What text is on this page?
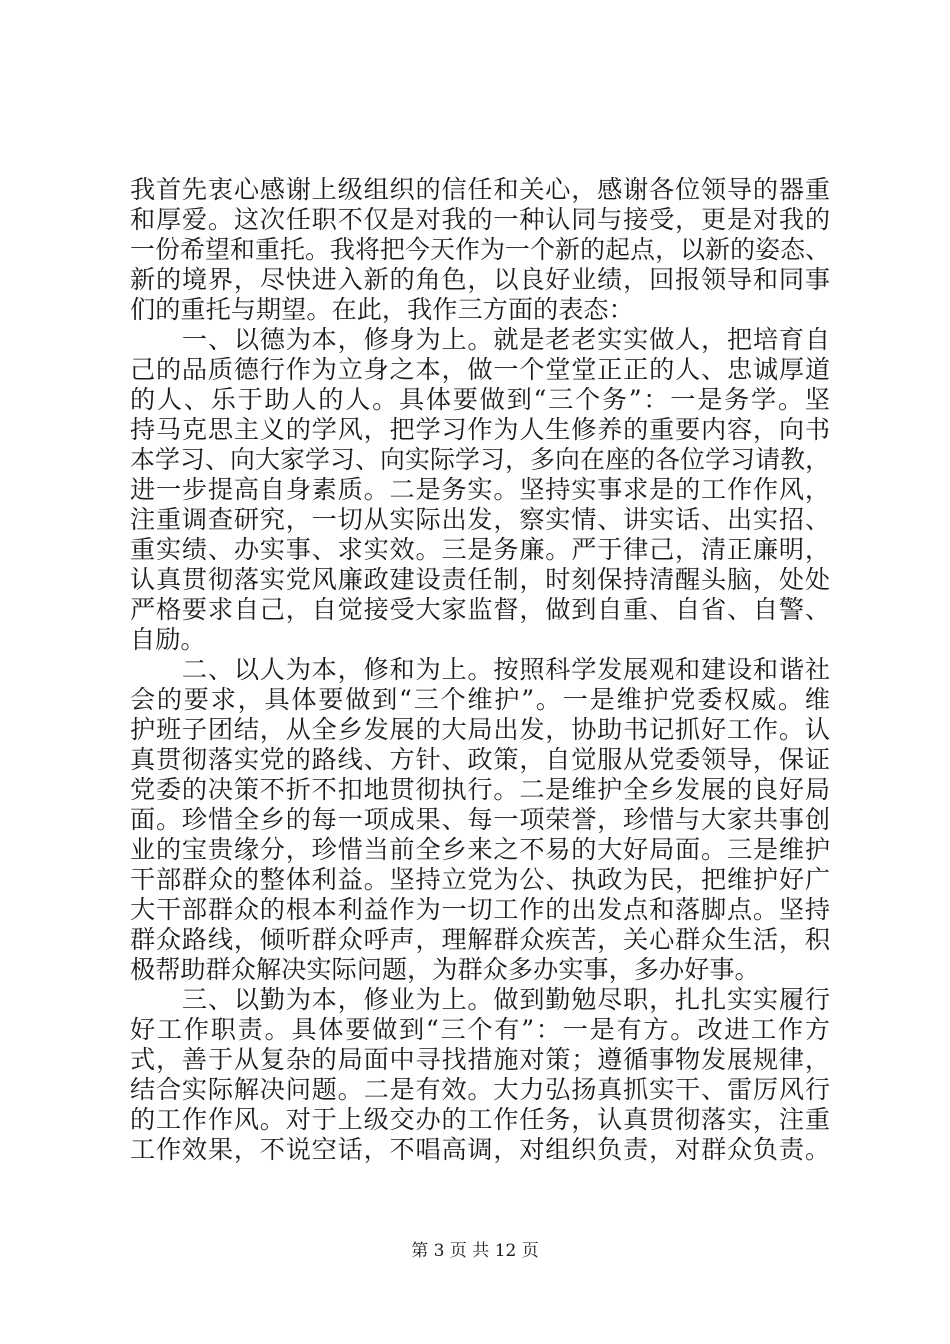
我首先衷心感谢上级组织的信任和关心，感谢各位领导的器重
和厚爱。这次任职不仅是对我的一种认同与接受，更是对我的
一份希望和重托。我将把今天作为一个新的起点，以新的姿态、
新的境界，尽快进入新的角色，以良好业绩，回报领导和同事
们的重托与期望。在此，我作三方面的表态：
　　一、以德为本，修身为上。就是老老实实做人，把培育自
己的品质德行作为立身之本，做一个堂堂正正的人、忠诚厚道
的人、乐于助人的人。具体要做到“三个务”：一是务学。坚
持马克思主义的学风，把学习作为人生修养的重要内容，向书
本学习、向大家学习、向实际学习，多向在座的各位学习请教，
进一步提高自身素质。二是务实。坚持实事求是的工作作风，
注重调查研究，一切从实际出发，察实情、讲实话、出实招、
重实绩、办实事、求实效。三是务廉。严于律己，清正廉明，
认真贯彻落实党风廉政建设责任制，时刻保持清醒头脑，处处
严格要求自己，自觉接受大家监督，做到自重、自省、自警、
自励。
　　二、以人为本，修和为上。按照科学发展观和建设和谐社
会的要求，具体要做到“三个维护”。一是维护党委权威。维
护班子团结，从全乡发展的大局出发，协助书记抓好工作。认
真贯彻落实党的路线、方针、政策，自觉服从党委领导，保证
党委的决策不折不扣地贯彻执行。二是维护全乡发展的良好局
面。珍惜全乡的每一项成果、每一项荣誉，珍惜与大家共事创
业的宝贵缘分，珍惜当前全乡来之不易的大好局面。三是维护
干部群众的整体利益。坚持立党为公、执政为民，把维护好广
大干部群众的根本利益作为一切工作的出发点和落脚点。坚持
群众路线，倾听群众呼声，理解群众疾苦，关心群众生活，积
极帮助群众解决实际问题，为群众多办实事，多办好事。
　　三、以勤为本，修业为上。做到勤勉尽职，扎扎实实履行
好工作职责。具体要做到“三个有”：一是有方。改进工作方
式，善于从复杂的局面中寻找措施对策；遵循事物发展规律，
结合实际解决问题。二是有效。大力弘扬真抓实干、雷厉风行
的工作作风。对于上级交办的工作任务，认真贯彻落实，注重
工作效果，不说空话，不唱高调，对组织负责，对群众负责。
第 3 页 共 12 页
